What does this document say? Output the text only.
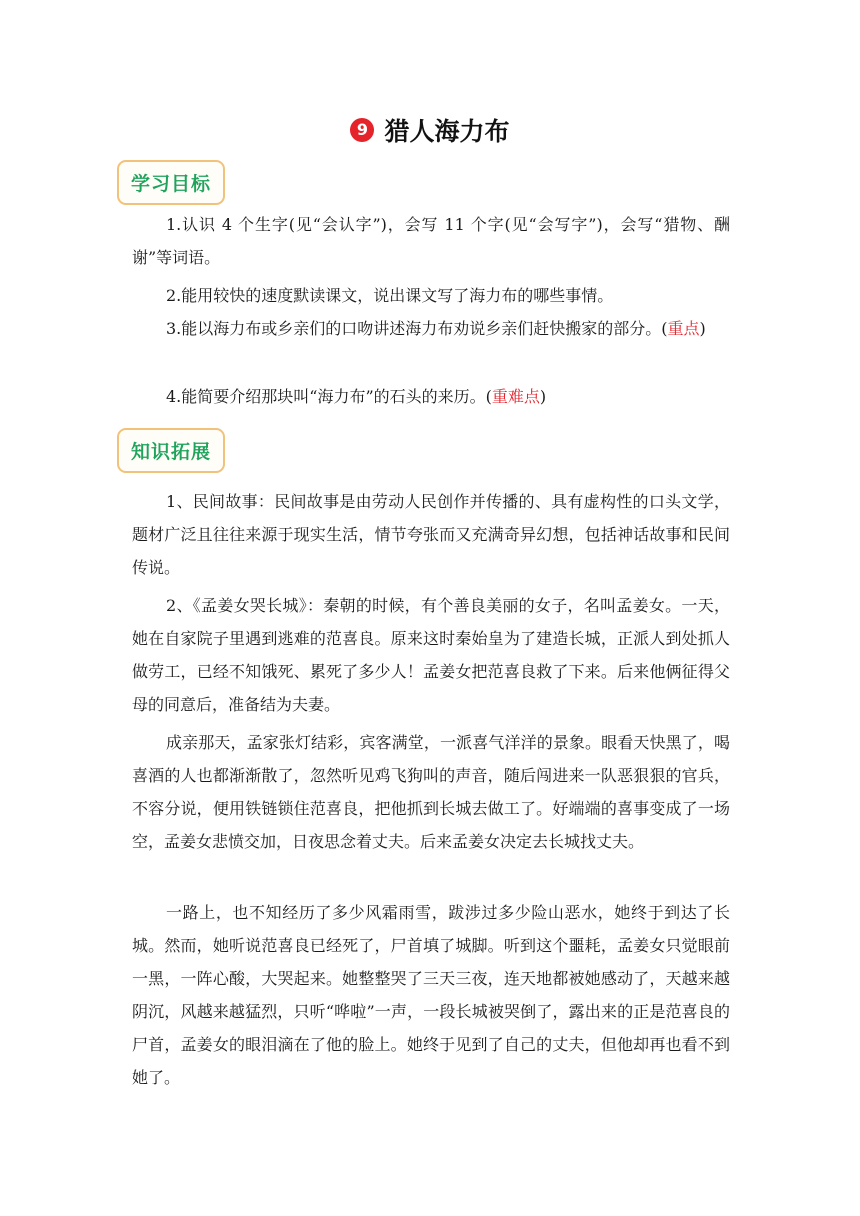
9 猎人海力布
学习目标

1.认识 4 个生字(见“会认字”)，会写 11 个字(见“会写字”)，会写“猎物、酬谢”等词语。

2.能用较快的速度默读课文，说出课文写了海力布的哪些事情。

3.能以海力布或乡亲们的口吻讲述海力布劝说乡亲们赶快搬家的部分。(重点)

4.能简要介绍那块叫“海力布”的石头的来历。(重难点)

知识拓展

1、民间故事：民间故事是由劳动人民创作并传播的、具有虚构性的口头文学，题材广泛且往往来源于现实生活，情节夸张而又充满奇异幻想，包括神话故事和民间传说。

2、《孟姜女哭长城》：秦朝的时候，有个善良美丽的女子，名叫孟姜女。一天，她在自家院子里遇到逃难的范喜良。原来这时秦始皇为了建造长城，正派人到处抓人做劳工，已经不知饿死、累死了多少人！孟姜女把范喜良救了下来。后来他俩征得父母的同意后，准备结为夫妻。

成亲那天，孟家张灯结彩，宾客满堂，一派喜气洋洋的景象。眼看天快黑了，喝喜酒的人也都渐渐散了，忽然听见鸡飞狗叫的声音，随后闯进来一队恶狠狠的官兵，不容分说，便用铁链锁住范喜良，把他抓到长城去做工了。好端端的喜事变成了一场空，孟姜女悲愤交加，日夜思念着丈夫。后来孟姜女决定去长城找丈夫。

一路上，也不知经历了多少风霜雨雪，跋涉过多少险山恶水，她终于到达了长城。然而，她听说范喜良已经死了，尸首填了城脚。听到这个噩耗，孟姜女只觉眼前一黑，一阵心酸，大哭起来。她整整哭了三天三夜，连天地都被她感动了，天越来越阴沉，风越来越猛烈，只听“哗啦”一声，一段长城被哭倒了，露出来的正是范喜良的尸首，孟姜女的眼泪滴在了他的脸上。她终于见到了自己的丈夫，但他却再也看不到她了。
